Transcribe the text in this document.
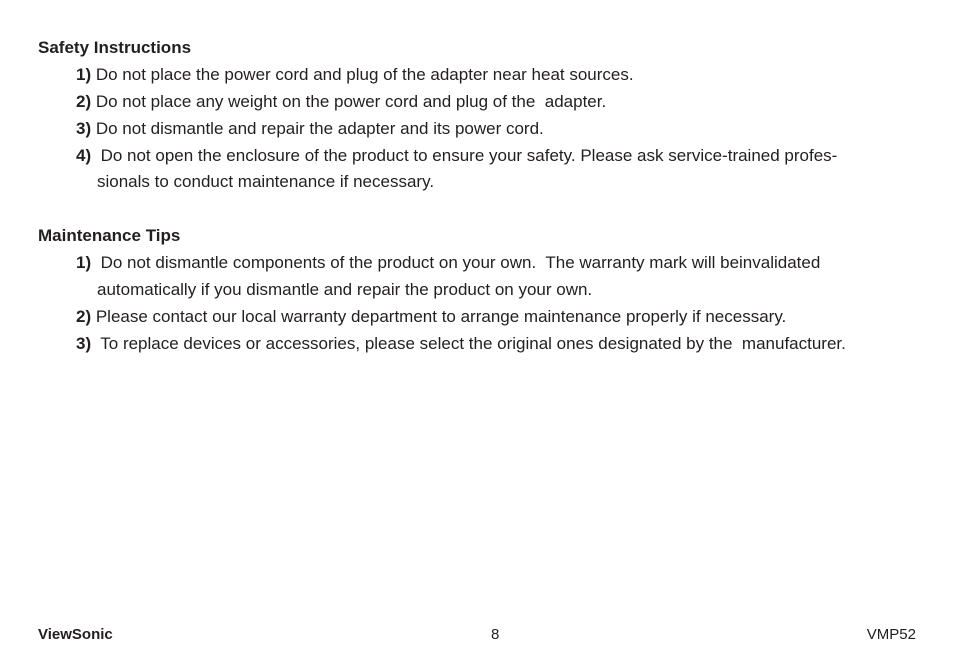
Safety Instructions
1) Do not place the power cord and plug of the adapter near heat sources.
2) Do not place any weight on the power cord and plug of the  adapter.
3) Do not dismantle and repair the adapter and its power cord.
4)  Do not open the enclosure of the product to ensure your safety. Please ask service-trained profes-
sionals to conduct maintenance if necessary.
Maintenance Tips
1)  Do not dismantle components of the product on your own.  The warranty mark will beinvalidated
automatically if you dismantle and repair the product on your own.
2) Please contact our local warranty department to arrange maintenance properly if necessary.
3)  To replace devices or accessories, please select the original ones designated by the  manufacturer.
ViewSonic	8	VMP52
